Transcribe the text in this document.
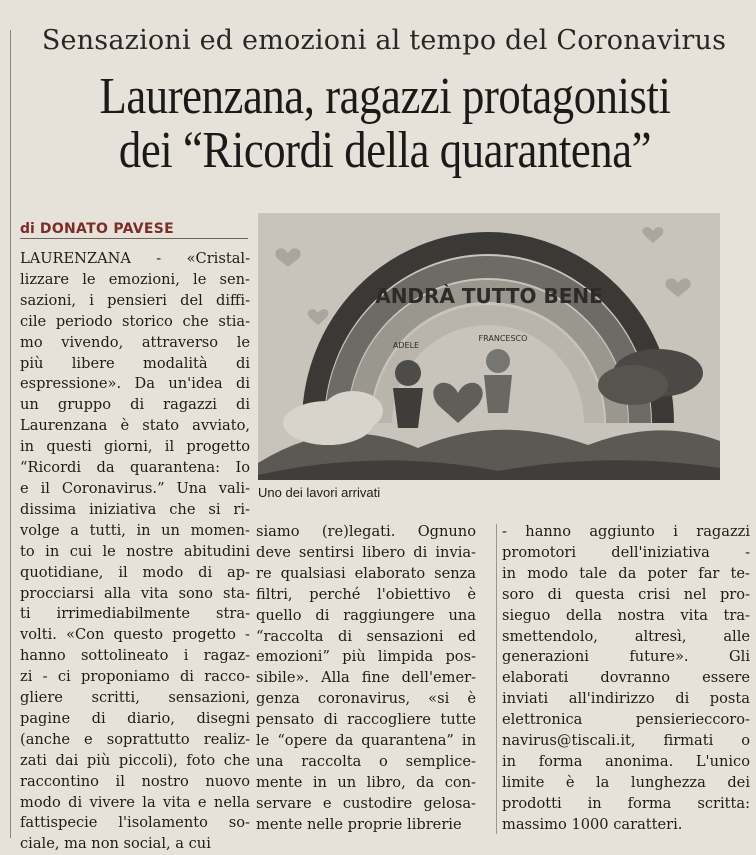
Sensazioni ed emozioni al tempo del Coronavirus
Laurenzana, ragazzi protagonisti
dei “Ricordi della quarantena”
di DONATO PAVESE
LAURENZANA - «Cristal-
lizzare le emozioni, le sen-
sazioni, i pensieri del diffi-
cile periodo storico che stia-
mo vivendo, attraverso le
più libere modalità di
espressione». Da un'idea di
un gruppo di ragazzi di
Laurenzana è stato avviato,
in questi giorni, il progetto
“Ricordi da quarantena: Io
e il Coronavirus.” Una vali-
dissima iniziativa che si ri-
volge a tutti, in un momen-
to in cui le nostre abitudini
quotidiane, il modo di ap-
procciarsi alla vita sono sta-
ti irrimediabilmente stra-
volti. «Con questo progetto -
hanno sottolineato i ragaz-
zi - ci proponiamo di racco-
gliere scritti, sensazioni,
pagine di diario, disegni
(anche e soprattutto realiz-
zati dai più piccoli), foto che
raccontino il nostro nuovo
modo di vivere la vita e nella
fattispecie l'isolamento so-
ciale, ma non social, a cui
siamo (re)legati. Ognuno
deve sentirsi libero di invia-
re qualsiasi elaborato senza
filtri, perché l'obiettivo è
quello di raggiungere una
“raccolta di sensazioni ed
emozioni” più limpida pos-
sibile». Alla fine dell'emer-
genza coronavirus, «si è
pensato di raccogliere tutte
le “opere da quarantena” in
una raccolta o semplice-
mente in un libro, da con-
servare e custodire gelosa-
mente nelle proprie librerie
- hanno aggiunto i ragazzi
promotori dell'iniziativa -
in modo tale da poter far te-
soro di questa crisi nel pro-
sieguo della nostra vita tra-
smettendolo, altresì, alle
generazioni future». Gli
elaborati dovranno essere
inviati all'indirizzo di posta
elettronica pensierieccoro-
navirus@tiscali.it, firmati o
in forma anonima. L'unico
limite è la lunghezza dei
prodotti in forma scritta:
massimo 1000 caratteri.
ANDRÀ TUTTO BENE
ADELE
FRANCESCO
Uno dei lavori arrivati
